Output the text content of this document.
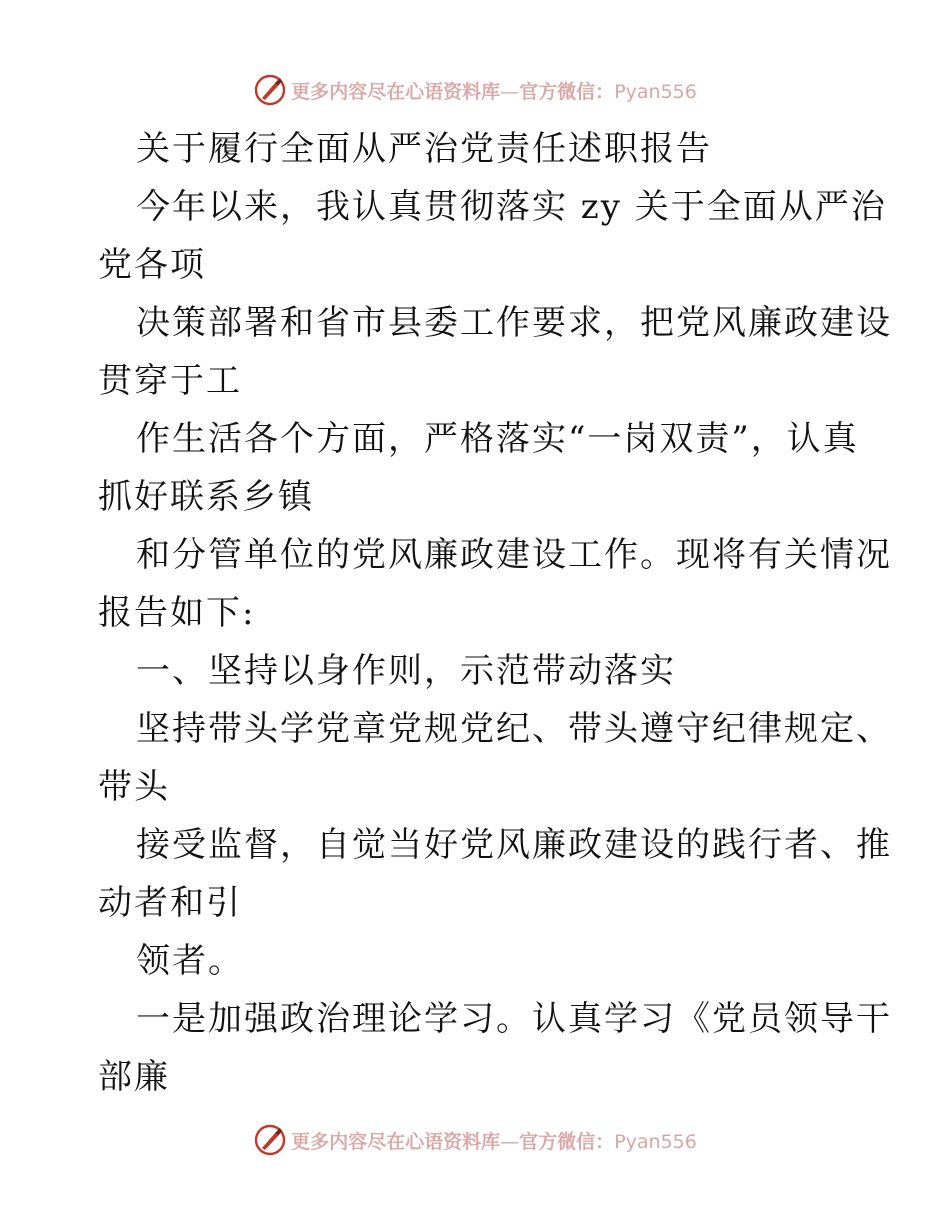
更多内容尽在心语资料库—官方微信：Pyan556
关于履行全面从严治党责任述职报告
今年以来，我认真贯彻落实 zy 关于全面从严治
党各项
决策部署和省市县委工作要求，把党风廉政建设
贯穿于工
作生活各个方面，严格落实“一岗双责”，认真
抓好联系乡镇
和分管单位的党风廉政建设工作。现将有关情况
报告如下:
一、坚持以身作则，示范带动落实
坚持带头学党章党规党纪、带头遵守纪律规定、
带头
接受监督，自觉当好党风廉政建设的践行者、推
动者和引
领者。
一是加强政治理论学习。认真学习《党员领导干
部廉
更多内容尽在心语资料库—官方微信：Pyan556
